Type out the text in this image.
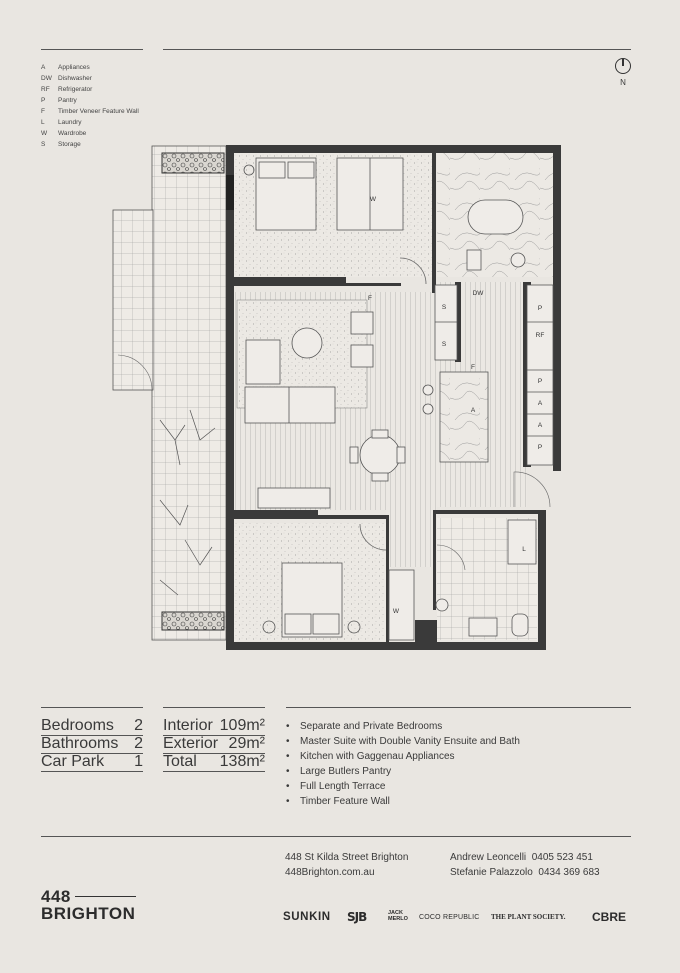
A	Appliances
DW Dishwasher
RF	Refrigerator
P	Pantry
F	Timber Veneer Feature Wall
L	Laundry
W	Wardrobe
S	Storage
N
W
W
F
F
DW
S
S
A
A
A
RF
P
P
P
L
Bedrooms 2
Bathrooms 2
Car Park 1
Interior 109m²
Exterior 29m²
Total 138m²
•	Separate and Private Bedrooms
•	Master Suite with Double Vanity Ensuite and Bath
•	Kitchen with Gaggenau Appliances
•	Large Butlers Pantry
•	Full Length Terrace
•	Timber Feature Wall
448 St Kilda Street Brighton
448Brighton.com.au
Andrew Leoncelli 0405 523 451
Stefanie Palazzolo 0434 369 683
448
BRIGHTON	SUNKIN SJB	JACK
MERLO COCO REPUBLIC THE PLANT SOCIETY. CBRE
